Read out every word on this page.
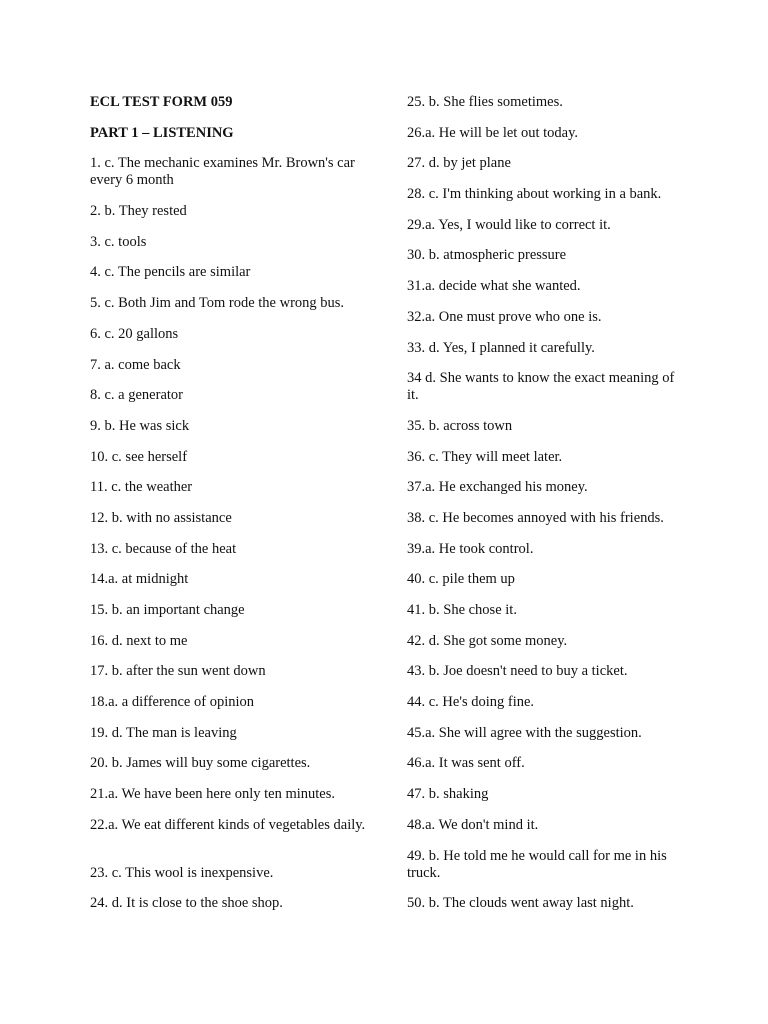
ECL TEST FORM 059

PART 1 – LISTENING

1. c. The mechanic examines Mr. Brown's car every 6 month

2. b. They rested

3. c. tools

4. c. The pencils are similar

5. c. Both Jim and Tom rode the wrong bus.

6. c. 20 gallons

7. a. come back

8. c. a generator

9. b. He was sick

10. c. see herself

11. c. the weather

12. b. with no assistance

13. c. because of the heat

14.a. at midnight

15. b. an important change

16. d. next to me

17. b. after the sun went down

18.a. a difference of opinion

19. d. The man is leaving

20. b. James will buy some cigarettes.

21.a. We have been here only ten minutes.

22.a. We eat different kinds of vegetables daily.

23. c. This wool is inexpensive.

24. d. It is close to the shoe shop.

25. b. She flies sometimes.

26.a. He will be let out today.

27. d. by jet plane

28. c. I'm thinking about working in a bank.

29.a. Yes, I would like to correct it.

30. b. atmospheric pressure

31.a. decide what she wanted.

32.a. One must prove who one is.

33. d. Yes, I planned it carefully.

34 d. She wants to know the exact meaning of it.

35. b. across town

36. c. They will meet later.

37.a. He exchanged his money.

38. c. He becomes annoyed with his friends.

39.a. He took control.

40. c. pile them up

41. b. She chose it.

42. d. She got some money.

43. b. Joe doesn't need to buy a ticket.

44. c. He's doing fine.

45.a. She will agree with the suggestion.

46.a. It was sent off.

47. b. shaking

48.a. We don't mind it.

49. b. He told me he would call for me in his truck.

50. b. The clouds went away last night.
